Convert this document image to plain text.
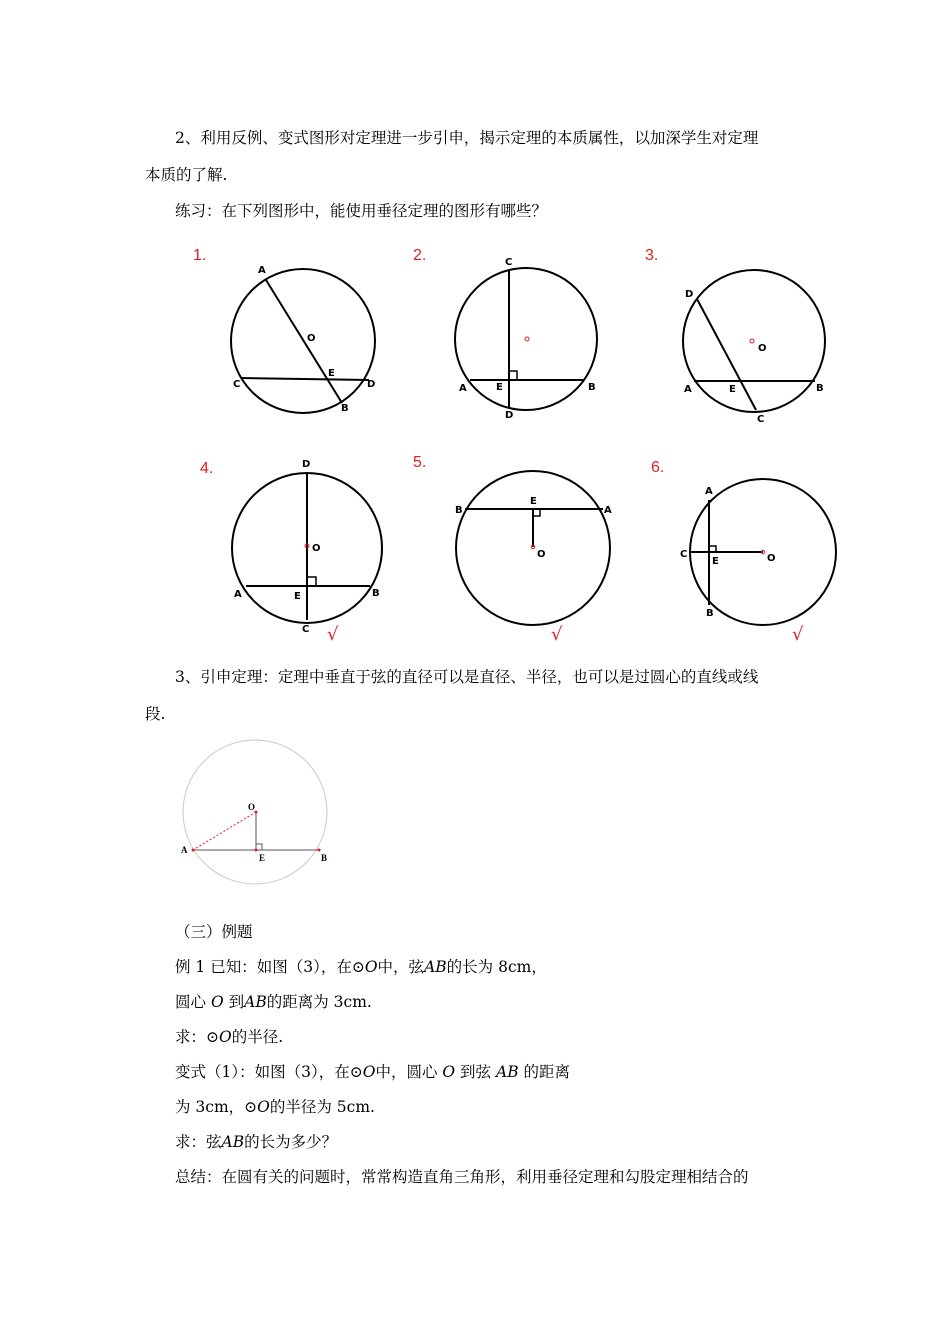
2、利用反例、变式图形对定理进一步引申，揭示定理的本质属性，以加深学生对定理
本质的了解.
练习：在下列图形中，能使用垂径定理的图形有哪些？
1.
A
O
E
C	D
B
2.	C
E
A	B
D
3.
D
O
A	E	B
C
4.	D
O
A	E	B
C √
5.
B
E
A
O
√
6.
A
C
E	O
B
√
3、引申定理：定理中垂直于弦的直径可以是直径、半径，也可以是过圆心的直线或线
段.
O
A
E	B
（三）例题
例 1 已知：如图（3），在⊙O中，弦AB的长为 8cm，
圆心 O 到AB的距离为 3cm.
求：⊙O的半径.
变式（1）：如图（3），在⊙O中，圆心 O 到弦 AB 的距离
为 3cm，⊙O的半径为 5cm.
求：弦AB的长为多少？
总结：在圆有关的问题时，常常构造直角三角形，利用垂径定理和勾股定理相结合的
